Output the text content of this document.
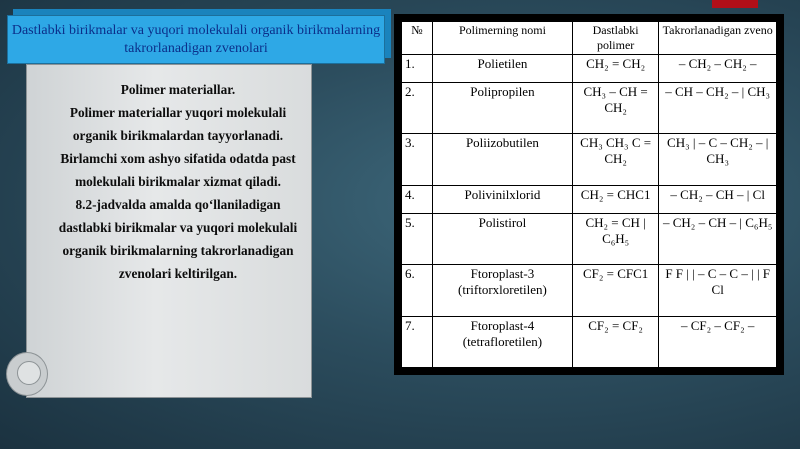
Dastlabki birikmalar va yuqori molekulali organik birikmalarning takrorlanadigan zvenolari

Polimer materiallar.

Polimer materiallar yuqori molekulali

organik birikmalardan tayyorlanadi.

Birlamchi xom ashyo sifatida odatda past

molekulali birikmalar xizmat qiladi.

8.2-jadvalda amalda qo‘llaniladigan

dastlabki birikmalar va yuqori molekulali

organik birikmalarning takrorlanadigan

zvenolari keltirilgan.

№	Polimerning nomi	Dastlabki polimer	Takrorlanadigan zveno
1.	Polietilen	CH₂ = CH₂	– CH₂ – CH₂ –
2.	Polipropilen	CH₃ – CH = CH₂	– CH – CH₂ – | CH₃
3.	Poliizobutilen	CH₃ CH₃ C = CH₂	CH₃ | – C – CH₂ – | CH₃
4.	Polivinilxlorid	CH₂ = CHC1	– CH₂ – CH – | Cl
5.	Polistirol	CH₂ = CH | C₆H₅	– CH₂ – CH – | C₆H₅
6.	Ftoroplast-3 (triftorxloretilen)	CF₂ = CFC1	F F | | – C – C – | | F Cl
7.	Ftoroplast-4 (tetrafloretilen)	CF₂ = CF₂	– CF₂ – CF₂ –
